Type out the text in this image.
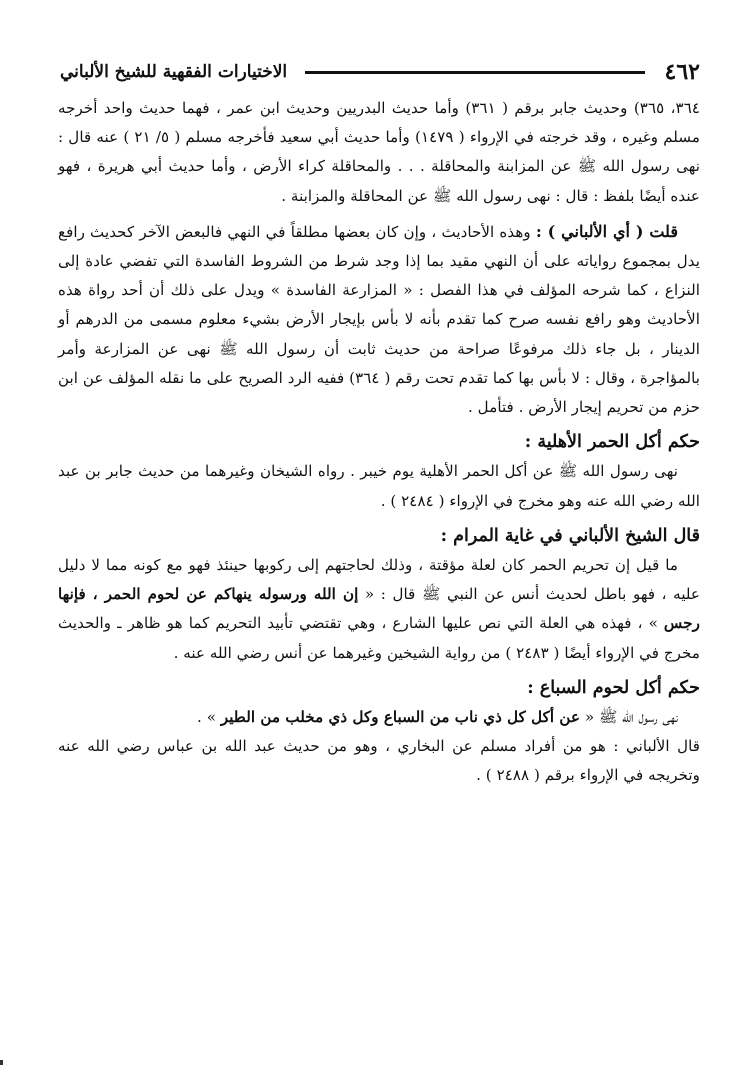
٤٦٢
الاختيارات الفقهية للشيخ الألباني

٣٦٤، ٣٦٥) وحديث جابر برقم ( ٣٦١) وأما حديث البدريين وحديث ابن عمر ، فهما حديث واحد أخرجه مسلم وغيره ، وقد خرجته في الإرواء ( ١٤٧٩) وأما حديث أبي سعيد فأخرجه مسلم ( ٥/ ٢١ ) عنه قال : نهى رسول الله ﷺ عن المزابنة والمحاقلة . . . والمحاقلة كراء الأرض ، وأما حديث أبي هريرة ، فهو عنده أيضًا بلفظ : قال : نهى رسول الله ﷺ عن المحاقلة والمزابنة .

قلت ( أي الألباني ) : وهذه الأحاديث ، وإن كان بعضها مطلقاً في النهي فالبعض الآخر كحديث رافع يدل بمجموع رواياته على أن النهي مقيد بما إذا وجد شرط من الشروط الفاسدة التي تفضي عادة إلى النزاع ، كما شرحه المؤلف في هذا الفصل : « المزارعة الفاسدة » ويدل على ذلك أن أحد رواة هذه الأحاديث وهو رافع نفسه صرح كما تقدم بأنه لا بأس بإيجار الأرض بشيء معلوم مسمى من الدرهم أو الدينار ، بل جاء ذلك مرفوعًا صراحة من حديث ثابت أن رسول الله ﷺ نهى عن المزارعة وأمر بالمؤاجرة ، وقال : لا بأس بها كما تقدم تحت رقم ( ٣٦٤) ففيه الرد الصريح على ما نقله المؤلف عن ابن حزم من تحريم إيجار الأرض . فتأمل .

حكم أكل الحمر الأهلية :

نهى رسول الله ﷺ عن أكل الحمر الأهلية يوم خيبر . رواه الشيخان وغيرهما من حديث جابر بن عبد الله رضي الله عنه وهو مخرج في الإرواء ( ٢٤٨٤ ) .

قال الشيخ الألباني في غاية المرام :

ما قيل إن تحريم الحمر كان لعلة مؤقتة ، وذلك لحاجتهم إلى ركوبها حينئذ فهو مع كونه مما لا دليل عليه ، فهو باطل لحديث أنس عن النبي ﷺ قال : « إن الله ورسوله ينهاكم عن لحوم الحمر ، فإنها رجس » ، فهذه هي العلة التي نص عليها الشارع ، وهي تقتضي تأبيد التحريم كما هو ظاهر ـ والحديث مخرج في الإرواء أيضًا ( ٢٤٨٣ ) من رواية الشيخين وغيرهما عن أنس رضي الله عنه .

حكم أكل لحوم السباع :

نهى رسول الله ﷺ « عن أكل كل ذي ناب من السباع وكل ذي مخلب من الطير » .

قال الألباني : هو من أفراد مسلم عن البخاري ، وهو من حديث عبد الله بن عباس رضي الله عنه وتخريجه في الإرواء برقم ( ٢٤٨٨ ) .
